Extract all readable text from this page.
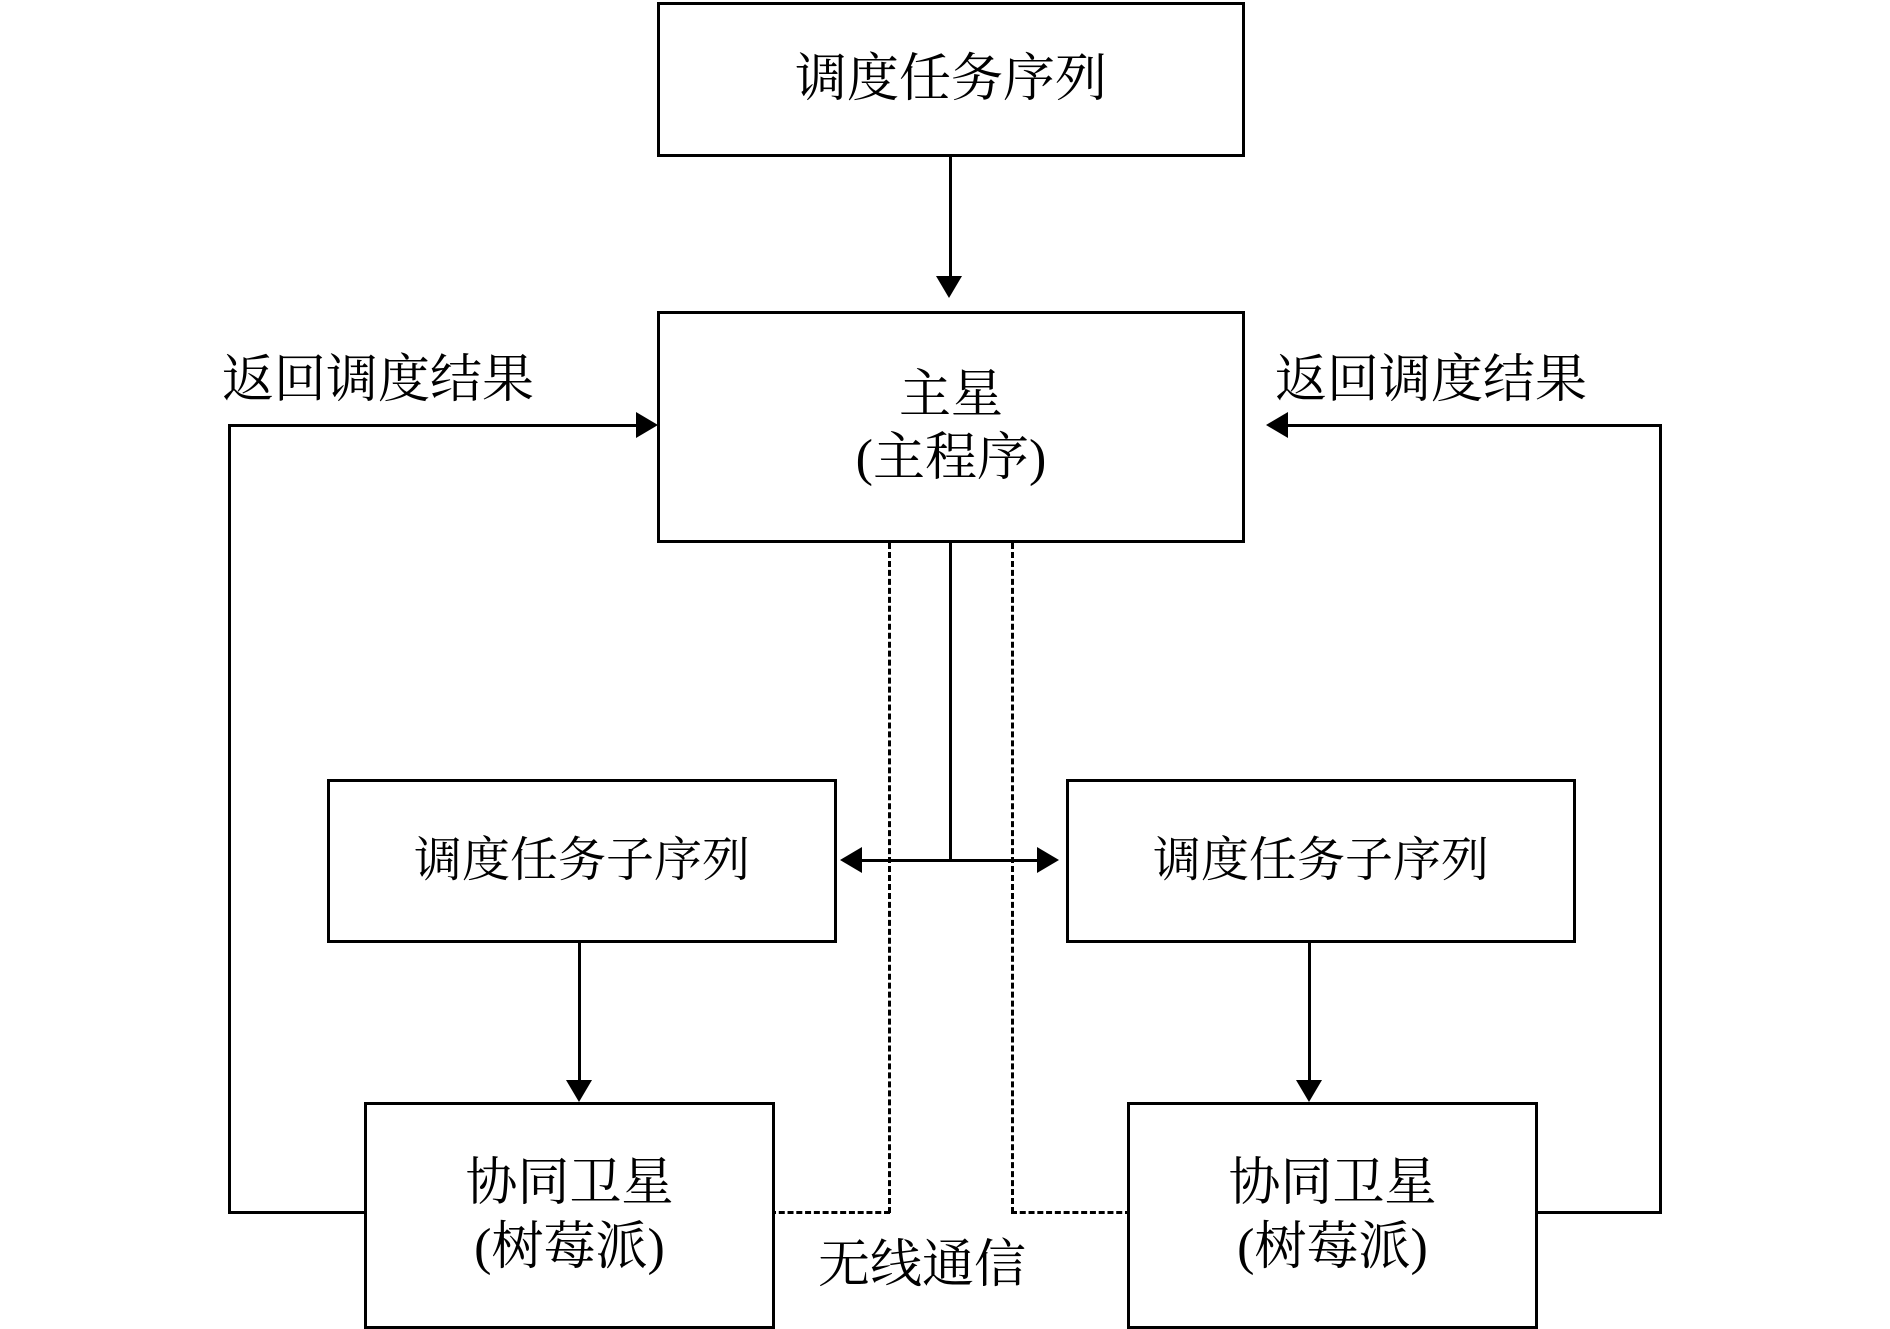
调度任务序列
主星
(主程序)
返回调度结果	返回调度结果
无线通信
调度任务子序列
协同卫星
(树莓派)
调度任务子序列
协同卫星
(树莓派)
